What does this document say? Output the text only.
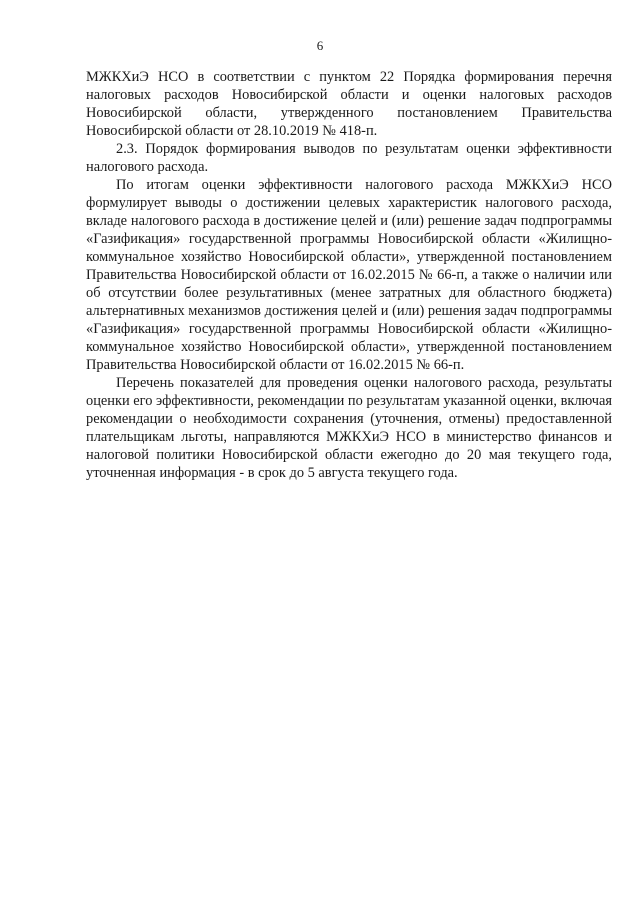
6

МЖКХиЭ НСО в соответствии с пунктом 22 Порядка формирования перечня налоговых расходов Новосибирской области и оценки налоговых расходов Новосибирской области, утвержденного постановлением Правительства Новосибирской области от 28.10.2019 № 418-п.

2.3. Порядок формирования выводов по результатам оценки эффективности налогового расхода.

По итогам оценки эффективности налогового расхода МЖКХиЭ НСО формулирует выводы о достижении целевых характеристик налогового расхода, вкладе налогового расхода в достижение целей и (или) решение задач подпрограммы «Газификация» государственной программы Новосибирской области «Жилищно-коммунальное хозяйство Новосибирской области», утвержденной постановлением Правительства Новосибирской области от 16.02.2015 № 66-п, а также о наличии или об отсутствии более результативных (менее затратных для областного бюджета) альтернативных механизмов достижения целей и (или) решения задач подпрограммы «Газификация» государственной программы Новосибирской области «Жилищно-коммунальное хозяйство Новосибирской области», утвержденной постановлением Правительства Новосибирской области от 16.02.2015 № 66-п.

Перечень показателей для проведения оценки налогового расхода, результаты оценки его эффективности, рекомендации по результатам указанной оценки, включая рекомендации о необходимости сохранения (уточнения, отмены) предоставленной плательщикам льготы, направляются МЖКХиЭ НСО в министерство финансов и налоговой политики Новосибирской области ежегодно до 20 мая текущего года, уточненная информация - в срок до 5 августа текущего года.
